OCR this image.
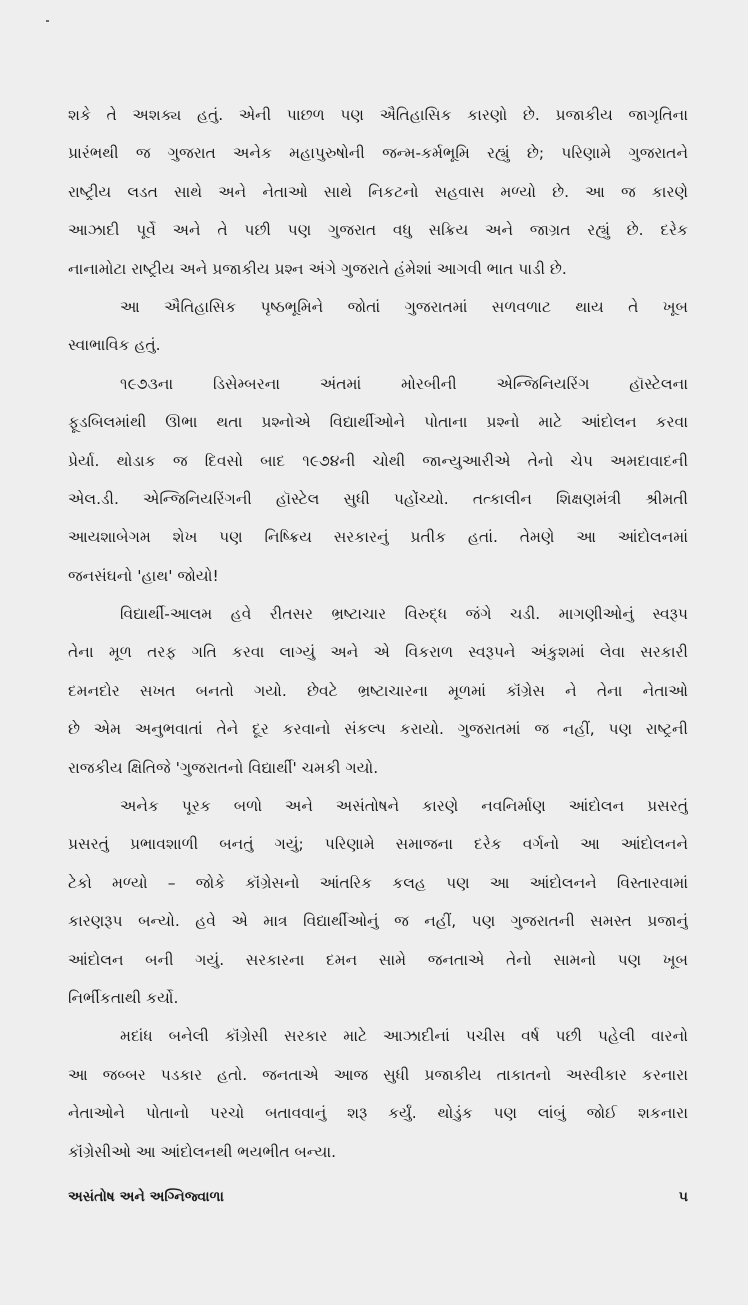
શકે તે અશક્ય હતું. એની પાછળ પણ ઐતિહાસિક કારણો છે. પ્રજાકીય જાગૃતિના
પ્રારંભથી જ ગુજરાત અનેક મહાપુરુષોની જન્મ-કર્મભૂમિ રહ્યું છે; પરિણામે ગુજરાતને
રાષ્ટ્રીય લડત સાથે અને નેતાઓ સાથે નિકટનો સહવાસ મળ્યો છે. આ જ કારણે
આઝાદી પૂર્વે અને તે પછી પણ ગુજરાત વધુ સક્રિય અને જાગ્રત રહ્યું છે. દરેક
નાનામોટા રાષ્ટ્રીય અને પ્રજાકીય પ્રશ્ન અંગે ગુજરાતે હંમેશાં આગવી ભાત પાડી છે.
આ ઐતિહાસિક પૃષ્ઠભૂમિને જોતાં ગુજરાતમાં સળવળાટ થાય તે ખૂબ
સ્વાભાવિક હતું.
૧૯૭૩ના ડિસેમ્બરના અંતમાં મોરબીની એન્જિનિયરિંગ હૉસ્ટેલના
ફૂડબિલમાંથી ઊભા થતા પ્રશ્નોએ વિદ્યાર્થીઓને પોતાના પ્રશ્નો માટે આંદોલન કરવા
પ્રેર્યા. થોડાક જ દિવસો બાદ ૧૯૭૪ની ચોથી જાન્યુઆરીએ તેનો ચેપ અમદાવાદની
એલ.ડી. એન્જિનિયરિંગની હૉસ્ટેલ સુધી પહોંચ્યો. તત્કાલીન શિક્ષણમંત્રી શ્રીમતી
આયશાબેગમ શેખ પણ નિષ્ક્રિય સરકારનું પ્રતીક હતાં. તેમણે આ આંદોલનમાં
જનસંઘનો 'હાથ' જોયો!
વિદ્યાર્થી-આલમ હવે રીતસર ભ્રષ્ટાચાર વિરુદ્ધ જંગે ચડી. માગણીઓનું સ્વરૂપ
તેના મૂળ તરફ ગતિ કરવા લાગ્યું અને એ વિકરાળ સ્વરૂપને અંકુશમાં લેવા સરકારી
દમનદોર સખત બનતો ગયો. છેવટે ભ્રષ્ટાચારના મૂળમાં કૉંગ્રેસ ને તેના નેતાઓ
છે એમ અનુભવાતાં તેને દૂર કરવાનો સંકલ્પ કરાયો. ગુજરાતમાં જ નહીં, પણ રાષ્ટ્રની
રાજકીય ક્ષિતિજે 'ગુજરાતનો વિદ્યાર્થી' ચમકી ગયો.
અનેક પૂરક બળો અને અસંતોષને કારણે નવનિર્માણ આંદોલન પ્રસરતું
પ્રસરતું પ્રભાવશાળી બનતું ગયું; પરિણામે સમાજના દરેક વર્ગનો આ આંદોલનને
ટેકો મળ્યો – જોકે કૉંગ્રેસનો આંતરિક કલહ પણ આ આંદોલનને વિસ્તારવામાં
કારણરૂપ બન્યો. હવે એ માત્ર વિદ્યાર્થીઓનું જ નહીં, પણ ગુજરાતની સમસ્ત પ્રજાનું
આંદોલન બની ગયું. સરકારના દમન સામે જનતાએ તેનો સામનો પણ ખૂબ
નિર્ભીકતાથી કર્યો.
મદાંધ બનેલી કૉંગ્રેસી સરકાર માટે આઝાદીનાં પચીસ વર્ષ પછી પહેલી વારનો
આ જબ્બર પડકાર હતો. જનતાએ આજ સુધી પ્રજાકીય તાકાતનો અસ્વીકાર કરનારા
નેતાઓને પોતાનો પરચો બતાવવાનું શરૂ કર્યું. થોડુંક પણ લાંબું જોઈ શકનારા
કૉંગ્રેસીઓ આ આંદોલનથી ભયભીત બન્યા.
અસંતોષ અને અગ્નિજ્વાળા	૫
